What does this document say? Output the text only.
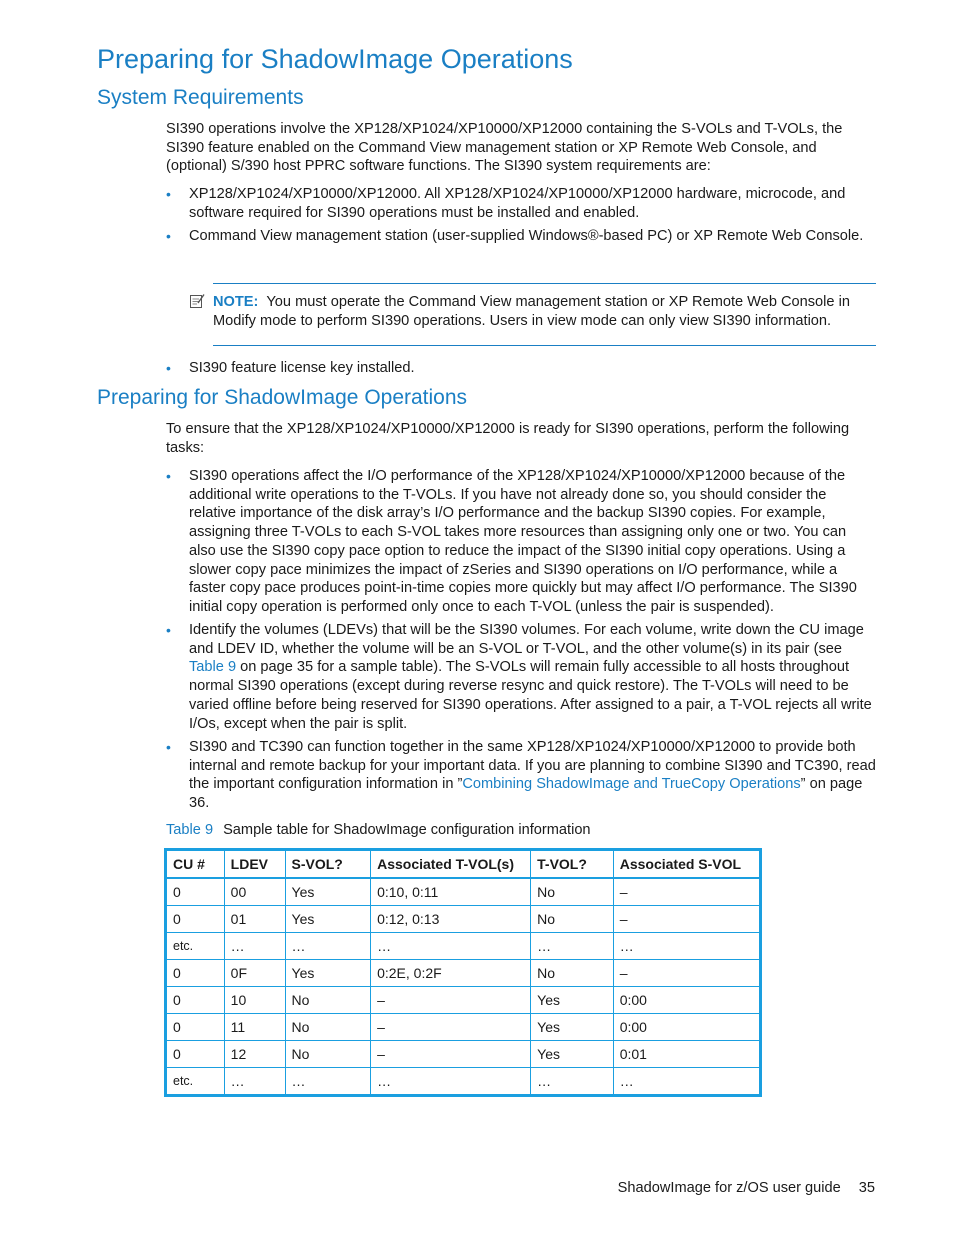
Preparing for ShadowImage Operations
System Requirements

SI390 operations involve the XP128/XP1024/XP10000/XP12000 containing the S-VOLs and T-VOLs, the SI390 feature enabled on the Command View management station or XP Remote Web Console, and (optional) S/390 host PPRC software functions. The SI390 system requirements are:

• XP128/XP1024/XP10000/XP12000. All XP128/XP1024/XP10000/XP12000 hardware, microcode, and software required for SI390 operations must be installed and enabled.
• Command View management station (user-supplied Windows®-based PC) or XP Remote Web Console.
NOTE: You must operate the Command View management station or XP Remote Web Console in Modify mode to perform SI390 operations. Users in view mode can only view SI390 information.
• SI390 feature license key installed.
Preparing for ShadowImage Operations

To ensure that the XP128/XP1024/XP10000/XP12000 is ready for SI390 operations, perform the following tasks:

• SI390 operations affect the I/O performance of the XP128/XP1024/XP10000/XP12000 because of the additional write operations to the T-VOLs. If you have not already done so, you should consider the relative importance of the disk array’s I/O performance and the backup SI390 copies. For example, assigning three T-VOLs to each S-VOL takes more resources than assigning only one or two. You can also use the SI390 copy pace option to reduce the impact of the SI390 initial copy operations. Using a slower copy pace minimizes the impact of zSeries and SI390 operations on I/O performance, while a faster copy pace produces point-in-time copies more quickly but may affect I/O performance. The SI390 initial copy operation is performed only once to each T-VOL (unless the pair is suspended).
• Identify the volumes (LDEVs) that will be the SI390 volumes. For each volume, write down the CU image and LDEV ID, whether the volume will be an S-VOL or T-VOL, and the other volume(s) in its pair (see Table 9 on page 35 for a sample table). The S-VOLs will remain fully accessible to all hosts throughout normal SI390 operations (except during reverse resync and quick restore). The T-VOLs will need to be varied offline before being reserved for SI390 operations. After assigned to a pair, a T-VOL rejects all write I/Os, except when the pair is split.
• SI390 and TC390 can function together in the same XP128/XP1024/XP10000/XP12000 to provide both internal and remote backup for your important data. If you are planning to combine SI390 and TC390, read the important configuration information in ”Combining ShadowImage and TrueCopy Operations” on page 36.
Table 9 Sample table for ShadowImage configuration information
CU #	LDEV	S-VOL?	Associated T-VOL(s)	T-VOL?	Associated S-VOL
0	00	Yes	0:10, 0:11	No	–
0	01	Yes	0:12, 0:13	No	–
etc.	…	…	…	…	…
0	0F	Yes	0:2E, 0:2F	No	–
0	10	No	–	Yes	0:00
0	11	No	–	Yes	0:00
0	12	No	–	Yes	0:01
etc.	…	…	…	…	…
ShadowImage for z/OS user guide 35
